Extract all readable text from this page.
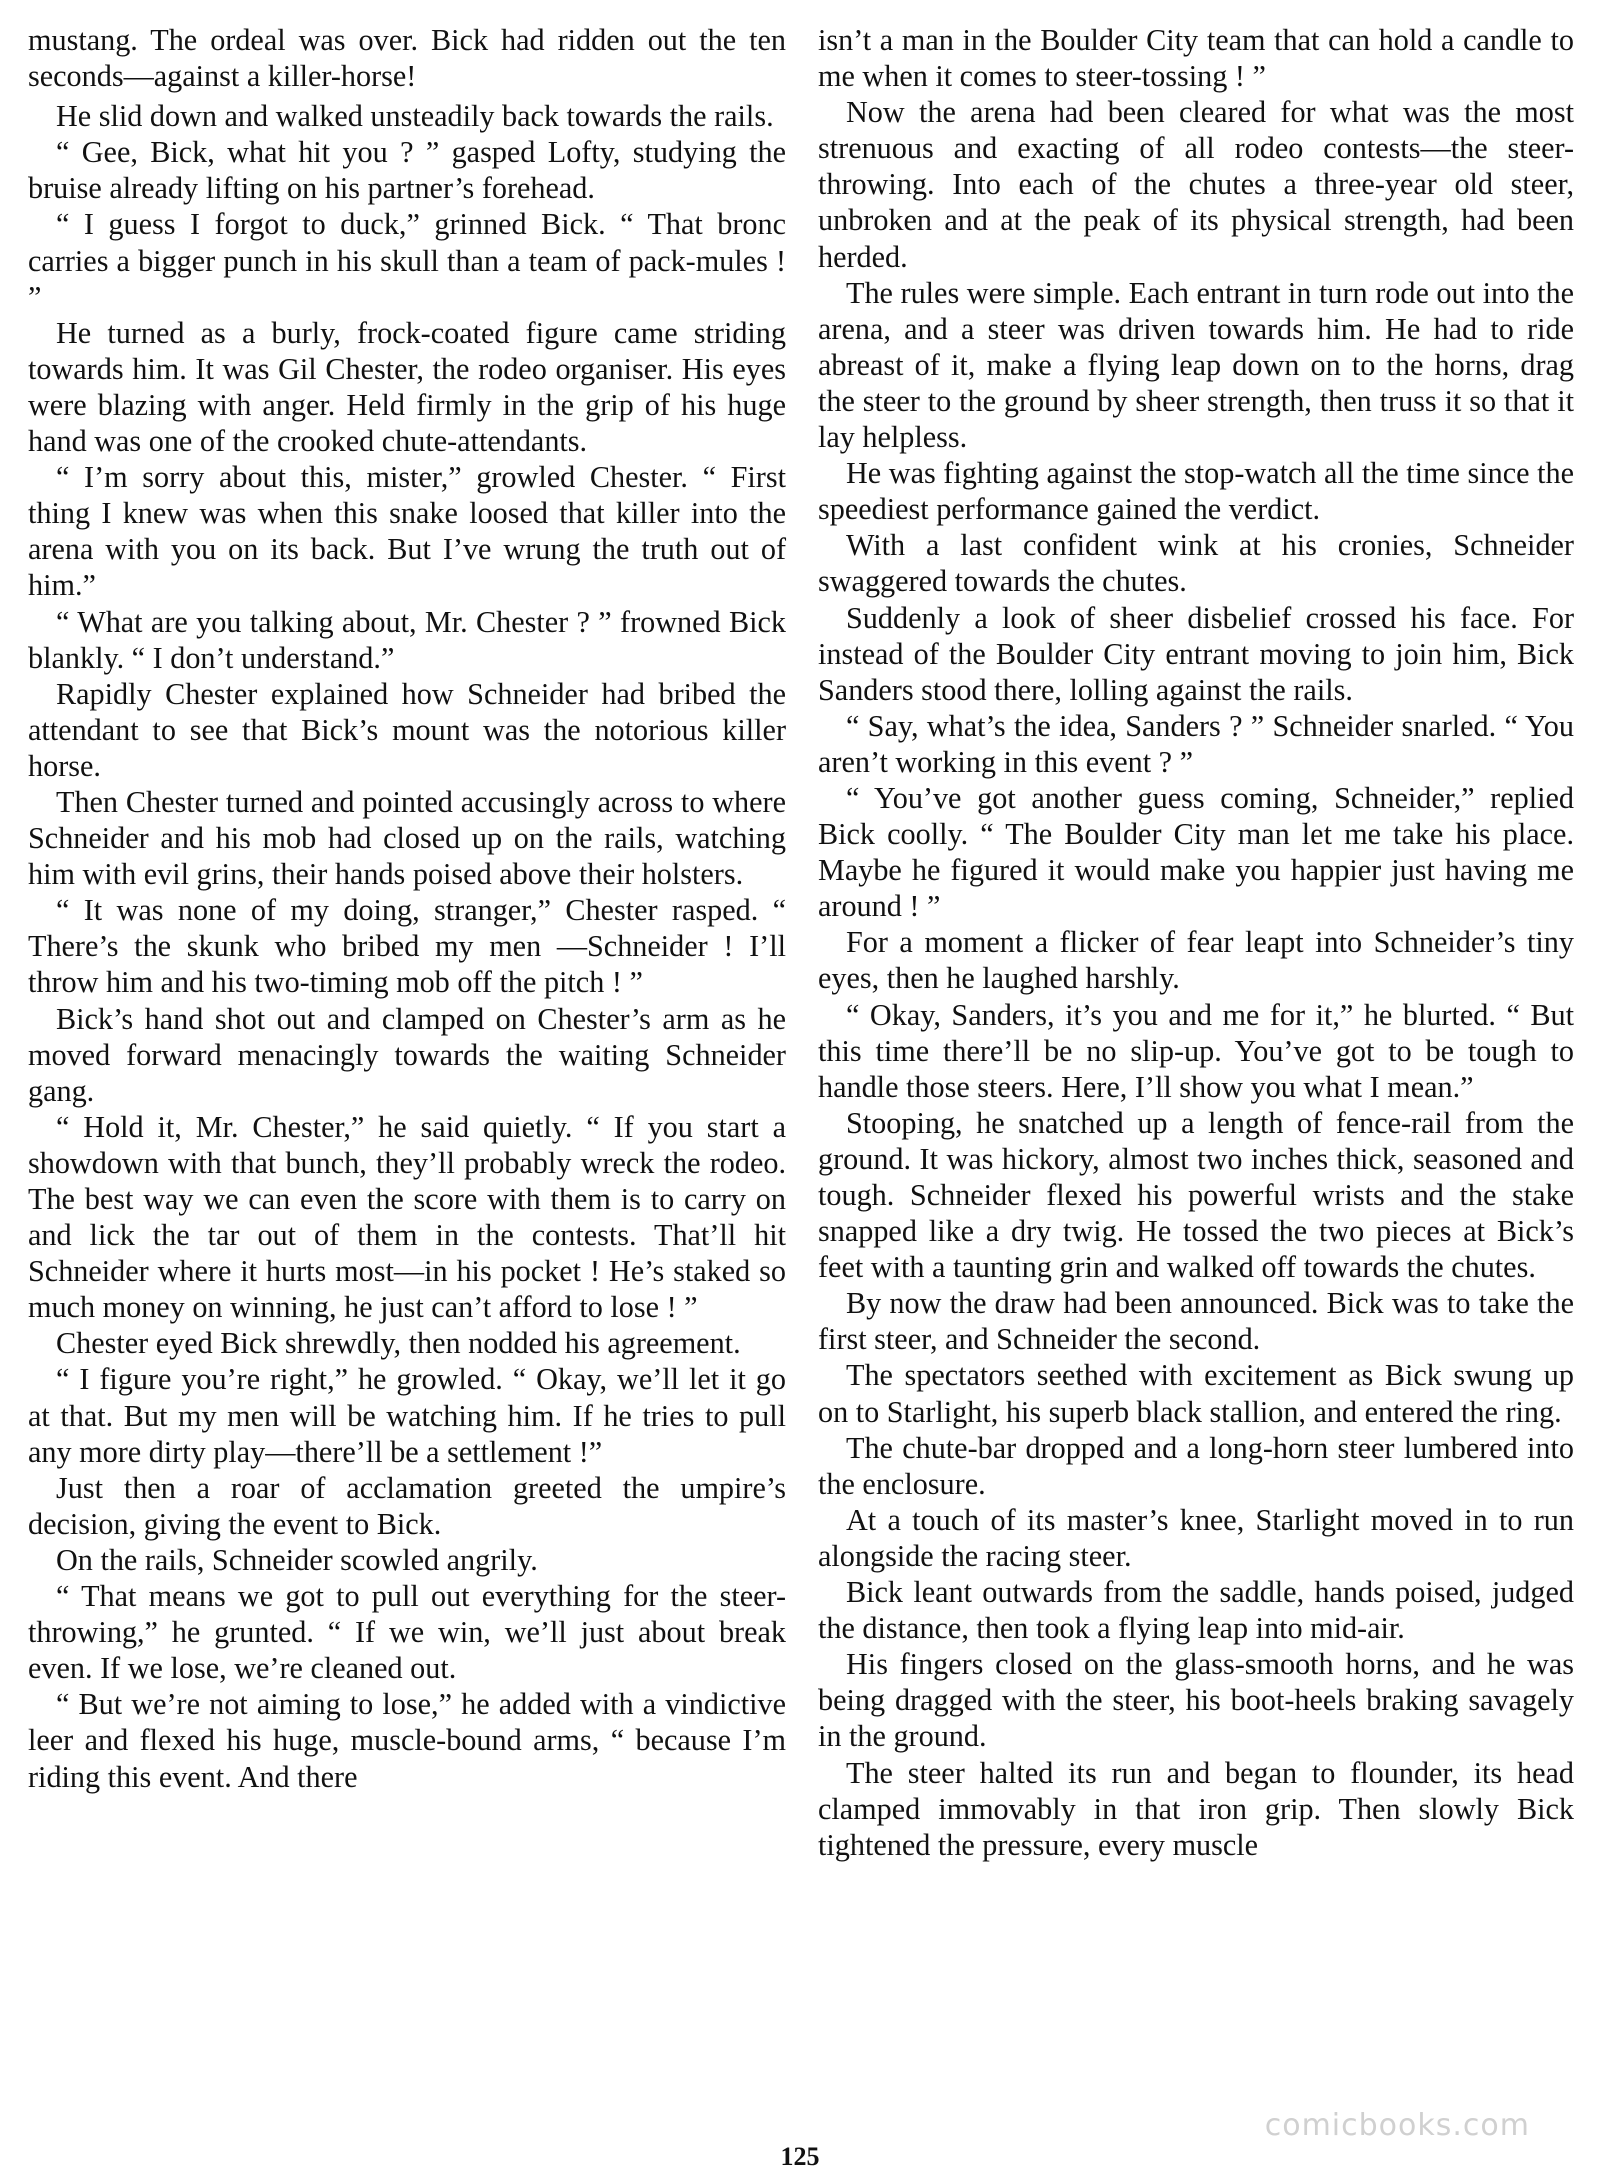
mustang. The ordeal was over. Bick had ridden out the ten seconds—against a killer-horse!

He slid down and walked unsteadily back towards the rails.

“ Gee, Bick, what hit you ? ” gasped Lofty, studying the bruise already lifting on his partner’s forehead.

“ I guess I forgot to duck,” grinned Bick. “ That bronc carries a bigger punch in his skull than a team of pack-mules ! ”

He turned as a burly, frock-coated figure came striding towards him. It was Gil Chester, the rodeo organiser. His eyes were blazing with anger. Held firmly in the grip of his huge hand was one of the crooked chute-attendants.

“ I’m sorry about this, mister,” growled Chester. “ First thing I knew was when this snake loosed that killer into the arena with you on its back. But I’ve wrung the truth out of him.”

“ What are you talking about, Mr. Chester ? ” frowned Bick blankly. “ I don’t understand.”

Rapidly Chester explained how Schneider had bribed the attendant to see that Bick’s mount was the notorious killer horse.

Then Chester turned and pointed accusingly across to where Schneider and his mob had closed up on the rails, watching him with evil grins, their hands poised above their holsters.

“ It was none of my doing, stranger,” Chester rasped. “ There’s the skunk who bribed my men —Schneider ! I’ll throw him and his two-timing mob off the pitch ! ”

Bick’s hand shot out and clamped on Chester’s arm as he moved forward menacingly towards the waiting Schneider gang.

“ Hold it, Mr. Chester,” he said quietly. “ If you start a showdown with that bunch, they’ll probably wreck the rodeo. The best way we can even the score with them is to carry on and lick the tar out of them in the contests. That’ll hit Schneider where it hurts most—in his pocket ! He’s staked so much money on winning, he just can’t afford to lose ! ”

Chester eyed Bick shrewdly, then nodded his agreement.

“ I figure you’re right,” he growled. “ Okay, we’ll let it go at that. But my men will be watching him. If he tries to pull any more dirty play—there’ll be a settlement !”

Just then a roar of acclamation greeted the umpire’s decision, giving the event to Bick.

On the rails, Schneider scowled angrily.

“ That means we got to pull out everything for the steer-throwing,” he grunted. “ If we win, we’ll just about break even. If we lose, we’re cleaned out.

“ But we’re not aiming to lose,” he added with a vindictive leer and flexed his huge, muscle-bound arms, “ because I’m riding this event. And there

isn’t a man in the Boulder City team that can hold a candle to me when it comes to steer-tossing ! ”

Now the arena had been cleared for what was the most strenuous and exacting of all rodeo contests—the steer-throwing. Into each of the chutes a three-year old steer, unbroken and at the peak of its physical strength, had been herded.

The rules were simple. Each entrant in turn rode out into the arena, and a steer was driven towards him. He had to ride abreast of it, make a flying leap down on to the horns, drag the steer to the ground by sheer strength, then truss it so that it lay helpless.

He was fighting against the stop-watch all the time since the speediest performance gained the verdict.

With a last confident wink at his cronies, Schneider swaggered towards the chutes.

Suddenly a look of sheer disbelief crossed his face. For instead of the Boulder City entrant moving to join him, Bick Sanders stood there, lolling against the rails.

“ Say, what’s the idea, Sanders ? ” Schneider snarled. “ You aren’t working in this event ? ”

“ You’ve got another guess coming, Schneider,” replied Bick coolly. “ The Boulder City man let me take his place. Maybe he figured it would make you happier just having me around ! ”

For a moment a flicker of fear leapt into Schneider’s tiny eyes, then he laughed harshly.

“ Okay, Sanders, it’s you and me for it,” he blurted. “ But this time there’ll be no slip-up. You’ve got to be tough to handle those steers. Here, I’ll show you what I mean.”

Stooping, he snatched up a length of fence-rail from the ground. It was hickory, almost two inches thick, seasoned and tough. Schneider flexed his powerful wrists and the stake snapped like a dry twig. He tossed the two pieces at Bick’s feet with a taunting grin and walked off towards the chutes.

By now the draw had been announced. Bick was to take the first steer, and Schneider the second.

The spectators seethed with excitement as Bick swung up on to Starlight, his superb black stallion, and entered the ring.

The chute-bar dropped and a long-horn steer lumbered into the enclosure.

At a touch of its master’s knee, Starlight moved in to run alongside the racing steer.

Bick leant outwards from the saddle, hands poised, judged the distance, then took a flying leap into mid-air.

His fingers closed on the glass-smooth horns, and he was being dragged with the steer, his boot-heels braking savagely in the ground.

The steer halted its run and began to flounder, its head clamped immovably in that iron grip. Then slowly Bick tightened the pressure, every muscle

comicbooks.com
125
